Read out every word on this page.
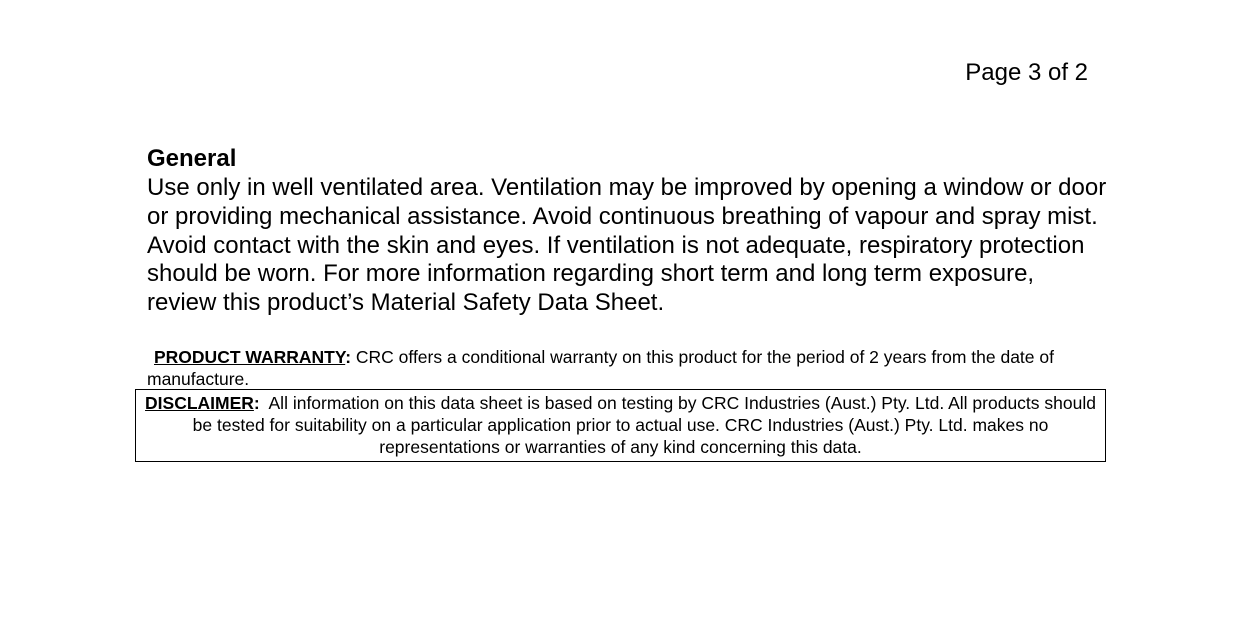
Page 3 of 2
General
Use only in well ventilated area. Ventilation may be improved by opening a window or door or providing mechanical assistance. Avoid continuous breathing of vapour and spray mist. Avoid contact with the skin and eyes. If ventilation is not adequate, respiratory protection should be worn. For more information regarding short term and long term exposure, review this product’s Material Safety Data Sheet.
PRODUCT WARRANTY: CRC offers a conditional warranty on this product for the period of 2 years from the date of manufacture.
DISCLAIMER:  All information on this data sheet is based on testing by CRC Industries (Aust.) Pty. Ltd. All products should be tested for suitability on a particular application prior to actual use. CRC Industries (Aust.) Pty. Ltd. makes no representations or warranties of any kind concerning this data.
